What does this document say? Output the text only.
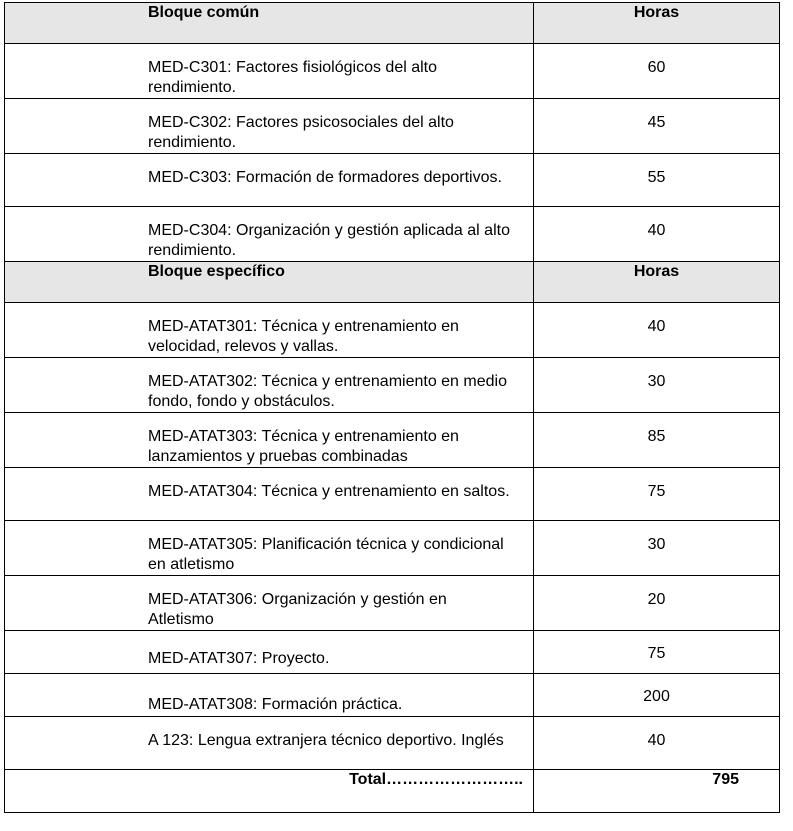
Bloque común	Horas
MED-C301: Factores fisiológicos del alto rendimiento.	60
MED-C302: Factores psicosociales del alto rendimiento.	45
MED-C303: Formación de formadores deportivos.	55
MED-C304: Organización y gestión aplicada al alto rendimiento.	40
Bloque específico	Horas
MED-ATAT301: Técnica y entrenamiento en velocidad, relevos y vallas.	40
MED-ATAT302: Técnica y entrenamiento en medio fondo, fondo y obstáculos.	30
MED-ATAT303: Técnica y entrenamiento en lanzamientos y pruebas combinadas	85
MED-ATAT304: Técnica y entrenamiento en saltos.	75
MED-ATAT305: Planificación técnica y condicional en atletismo	30
MED-ATAT306: Organización y gestión en Atletismo	20
MED-ATAT307: Proyecto.	75
MED-ATAT308: Formación práctica.	200
A 123: Lengua extranjera técnico deportivo. Inglés	40
Total……………………..	795
